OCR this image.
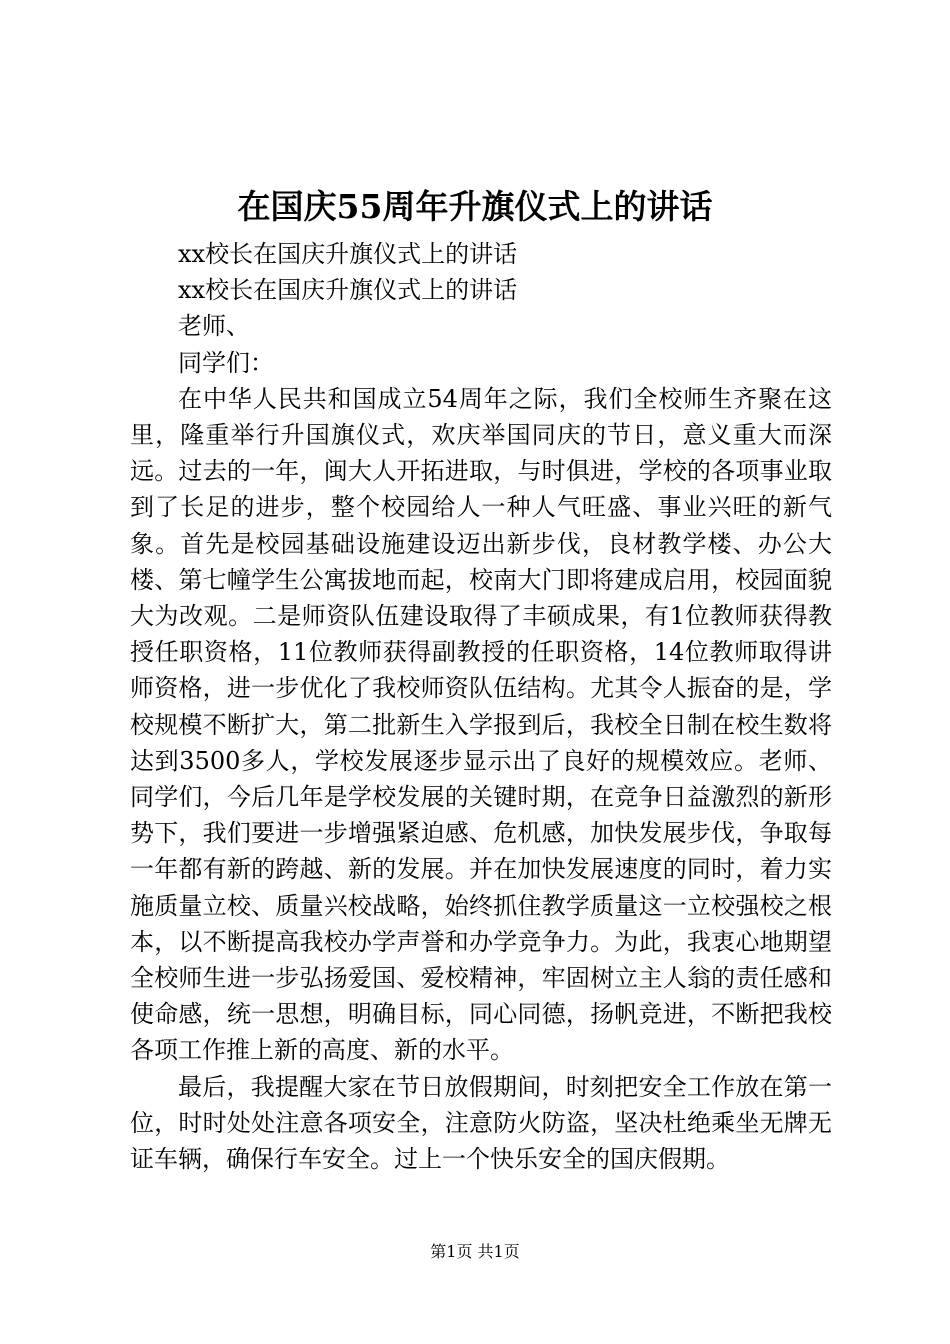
在国庆55周年升旗仪式上的讲话
xx校长在国庆升旗仪式上的讲话
xx校长在国庆升旗仪式上的讲话
老师、
同学们：

在中华人民共和国成立54周年之际，我们全校师生齐聚在这里，隆重举行升国旗仪式，欢庆举国同庆的节日，意义重大而深远。过去的一年，闽大人开拓进取，与时俱进，学校的各项事业取到了长足的进步，整个校园给人一种人气旺盛、事业兴旺的新气象。首先是校园基础设施建设迈出新步伐，良材教学楼、办公大楼、第七幢学生公寓拔地而起，校南大门即将建成启用，校园面貌大为改观。二是师资队伍建设取得了丰硕成果，有1位教师获得教授任职资格，11位教师获得副教授的任职资格，14位教师取得讲师资格，进一步优化了我校师资队伍结构。尤其令人振奋的是，学校规模不断扩大，第二批新生入学报到后，我校全日制在校生数将达到3500多人，学校发展逐步显示出了良好的规模效应。老师、同学们，今后几年是学校发展的关键时期，在竞争日益激烈的新形势下，我们要进一步增强紧迫感、危机感，加快发展步伐，争取每一年都有新的跨越、新的发展。并在加快发展速度的同时，着力实施质量立校、质量兴校战略，始终抓住教学质量这一立校强校之根本，以不断提高我校办学声誉和办学竞争力。为此，我衷心地期望全校师生进一步弘扬爱国、爱校精神，牢固树立主人翁的责任感和使命感，统一思想，明确目标，同心同德，扬帆竞进，不断把我校各项工作推上新的高度、新的水平。

最后，我提醒大家在节日放假期间，时刻把安全工作放在第一位，时时处处注意各项安全，注意防火防盗，坚决杜绝乘坐无牌无证车辆，确保行车安全。过上一个快乐安全的国庆假期。

第1页 共1页
